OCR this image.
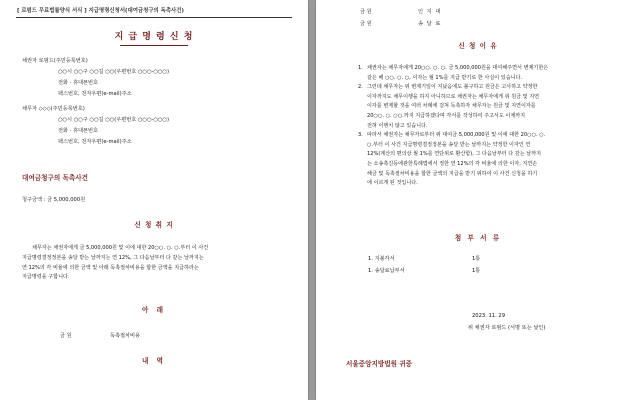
[ 로펌드 무료법률양식 서식 ] 지급명령신청서(대여금청구의 독촉사건)
지 급 명 령 신 청
채권자 로펌드(주민등록번호)
○○시 ○○구 ○○길 ○○(우편번호 ○○○-○○○)
전화 · 휴대폰번호
팩스번호, 전자우편(e-mail)주소
채무자 ◇◇◇(주민등록번호)
○○시 ○○구 ○○길 ○○(우편번호 ○○○-○○○)
전화 · 휴대폰번호
팩스번호, 전자우편(e-mail)주소
대여금청구의 독촉사건
청구금액 : 금 5,000,000원
신 청 취 지

채무자는 채권자에게 금 5,000,000원 및 이에 대한 20○○. ○. ○.부터 이 사건

지급명령결정정본을 송달 받는 날까지는 연 12%, 그 다음날부터 다 갚는 날까지는

연 12%의 각 비율에 의한 금액 및 아래 독촉절차비용을 합한 금액을 지급하라는

지급명령을 구합니다.

아 래
금 원	독촉절차비용
내 역
금 원	인 지 대
금 원	송 달 료
신 청 이 유
1. 채권자는 채무자에게 20○○. ○. ○. 금 5,000,000원을 대여해주면서 변제기한은
같은 해 ○○. ○. ○, 이자는 월 1%를 지급 받기로 한 사실이 있습니다.
2. 그런데 채무자는 위 변제기일이 지났음에도 불구하고 원금은 고사하고 약정한
이자까지도 채무이행을 하지 아니하므로 채권자는 채무자에게 위 원금 및 지연
이자를 변제할 것을 여러 차례에 걸쳐 독촉하자 채무자는 원금 및 지연이자를
20○○. ○. ○○.까지 지급하겠다며 각서를 작성하여 주고서도 이제까지
전혀 이행치 않고 있습니다.
3. 따라서 채권자는 채무자로부터 위 대여금 5,000,000원 및 이에 대한 20○○. ○.
○.부터 이 사건 지급명령결정정본을 송달 받는 날까지는 약정한 이자인 연
12%(계산의 편의상 월 1%를 연단위로 환산함), 그 다음날부터 다 갚는 날까지
는 소송촉진등에관한특례법에서 정한 연 12%의 각 비율에 의한 이자, 지연손
해금 및 독촉절차비용을 합한 금액의 지급을 받기 위하여 이 사건 신청을 하기
에 이르게 된 것입니다.
첨 부 서 류
1. 지불각서	1통
1. 송달료납부서	1통
2023. 11. 29
위 채권자 로펌드 (서명 또는 날인)
서울중앙지방법원 귀중
